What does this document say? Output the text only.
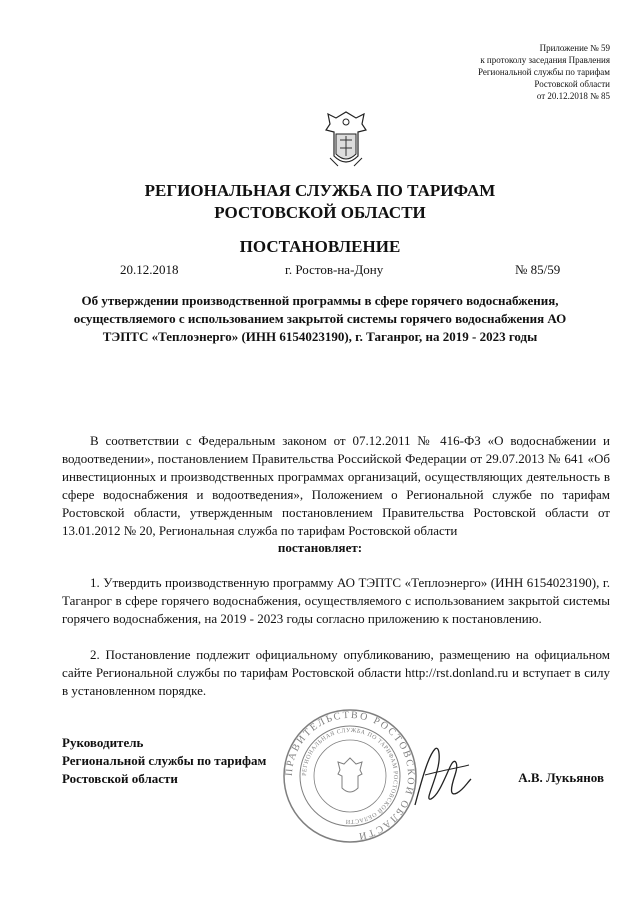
Приложение № 59
к протоколу заседания Правления
Региональной службы по тарифам
Ростовской области
от 20.12.2018 № 85
РЕГИОНАЛЬНАЯ СЛУЖБА ПО ТАРИФАМ
РОСТОВСКОЙ ОБЛАСТИ
ПОСТАНОВЛЕНИЕ
20.12.2018	г. Ростов-на-Дону	№ 85/59
Об утверждении производственной программы в сфере горячего водоснабжения, осуществляемого с использованием закрытой системы горячего водоснабжения АО ТЭПТС «Теплоэнерго» (ИНН 6154023190), г. Таганрог, на 2019 - 2023 годы
В соответствии с Федеральным законом от 07.12.2011 № 416-ФЗ «О водоснабжении и водоотведении», постановлением Правительства Российской Федерации от 29.07.2013 № 641 «Об инвестиционных и производственных программах организаций, осуществляющих деятельность в сфере водоснабжения и водоотведения», Положением о Региональной службе по тарифам Ростовской области, утвержденным постановлением Правительства Ростовской области от 13.01.2012 № 20, Региональная служба по тарифам Ростовской области
постановляет:
1. Утвердить производственную программу АО ТЭПТС «Теплоэнерго» (ИНН 6154023190), г. Таганрог в сфере горячего водоснабжения, осуществляемого с использованием закрытой системы горячего водоснабжения, на 2019 - 2023 годы согласно приложению к постановлению.
2. Постановление подлежит официальному опубликованию, размещению на официальном сайте Региональной службы по тарифам Ростовской области http://rst.donland.ru и вступает в силу в установленном порядке.
ПРАВИТЕЛЬСТВО РОСТОВСКОЙ ОБЛАСТИ
РЕГИОНАЛЬНАЯ СЛУЖБА ПО ТАРИФАМ РОСТОВСКОЙ ОБЛАСТИ
Руководитель
Региональной службы по тарифам
Ростовской области	А.В. Лукьянов
